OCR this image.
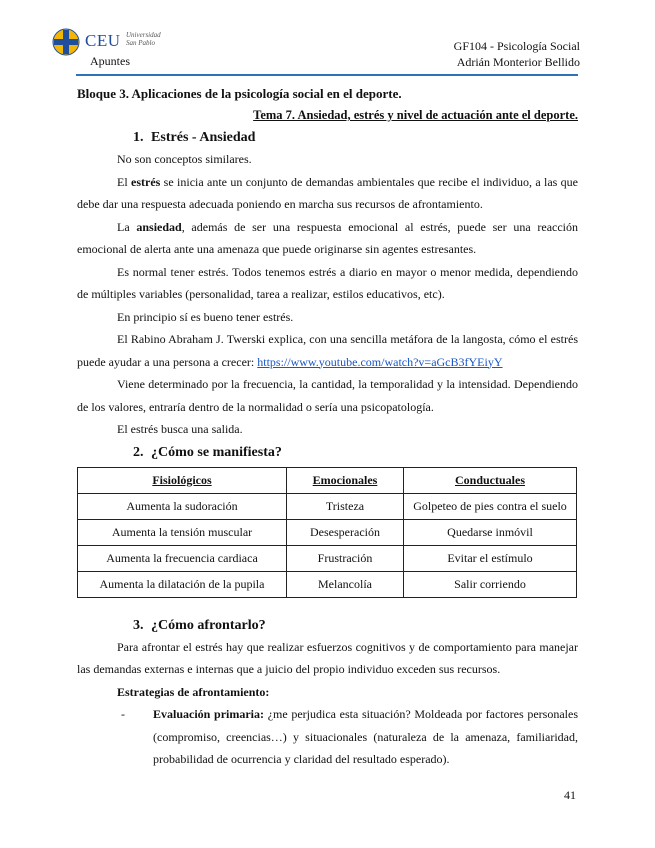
CEU Universidad
San Pablo
Apuntes
GF104 - Psicología Social
Adrián Monterior Bellido
Bloque 3. Aplicaciones de la psicología social en el deporte.
Tema 7. Ansiedad, estrés y nivel de actuación ante el deporte.
1. Estrés - Ansiedad

No son conceptos similares.

El estrés se inicia ante un conjunto de demandas ambientales que recibe el individuo, a las que debe dar una respuesta adecuada poniendo en marcha sus recursos de afrontamiento.

La ansiedad, además de ser una respuesta emocional al estrés, puede ser una reacción emocional de alerta ante una amenaza que puede originarse sin agentes estresantes.

Es normal tener estrés. Todos tenemos estrés a diario en mayor o menor medida, dependiendo de múltiples variables (personalidad, tarea a realizar, estilos educativos, etc).

En principio sí es bueno tener estrés.

El Rabino Abraham J. Twerski explica, con una sencilla metáfora de la langosta, cómo el estrés puede ayudar a una persona a crecer: https://www.youtube.com/watch?v=aGcB3fYEiyY

Viene determinado por la frecuencia, la cantidad, la temporalidad y la intensidad. Dependiendo de los valores, entraría dentro de la normalidad o sería una psicopatología.

El estrés busca una salida.

2. ¿Cómo se manifiesta?
Fisiológicos	Emocionales	Conductuales
Aumenta la sudoración	Tristeza	Golpeteo de pies contra el suelo
Aumenta la tensión muscular	Desesperación	Quedarse inmóvil
Aumenta la frecuencia cardiaca	Frustración	Evitar el estímulo
Aumenta la dilatación de la pupila	Melancolía	Salir corriendo
3. ¿Cómo afrontarlo?

Para afrontar el estrés hay que realizar esfuerzos cognitivos y de comportamiento para manejar las demandas externas e internas que a juicio del propio individuo exceden sus recursos.

Estrategias de afrontamiento:
- Evaluación primaria: ¿me perjudica esta situación? Moldeada por factores personales (compromiso, creencias…) y situacionales (naturaleza de la amenaza, familiaridad, probabilidad de ocurrencia y claridad del resultado esperado).
41
